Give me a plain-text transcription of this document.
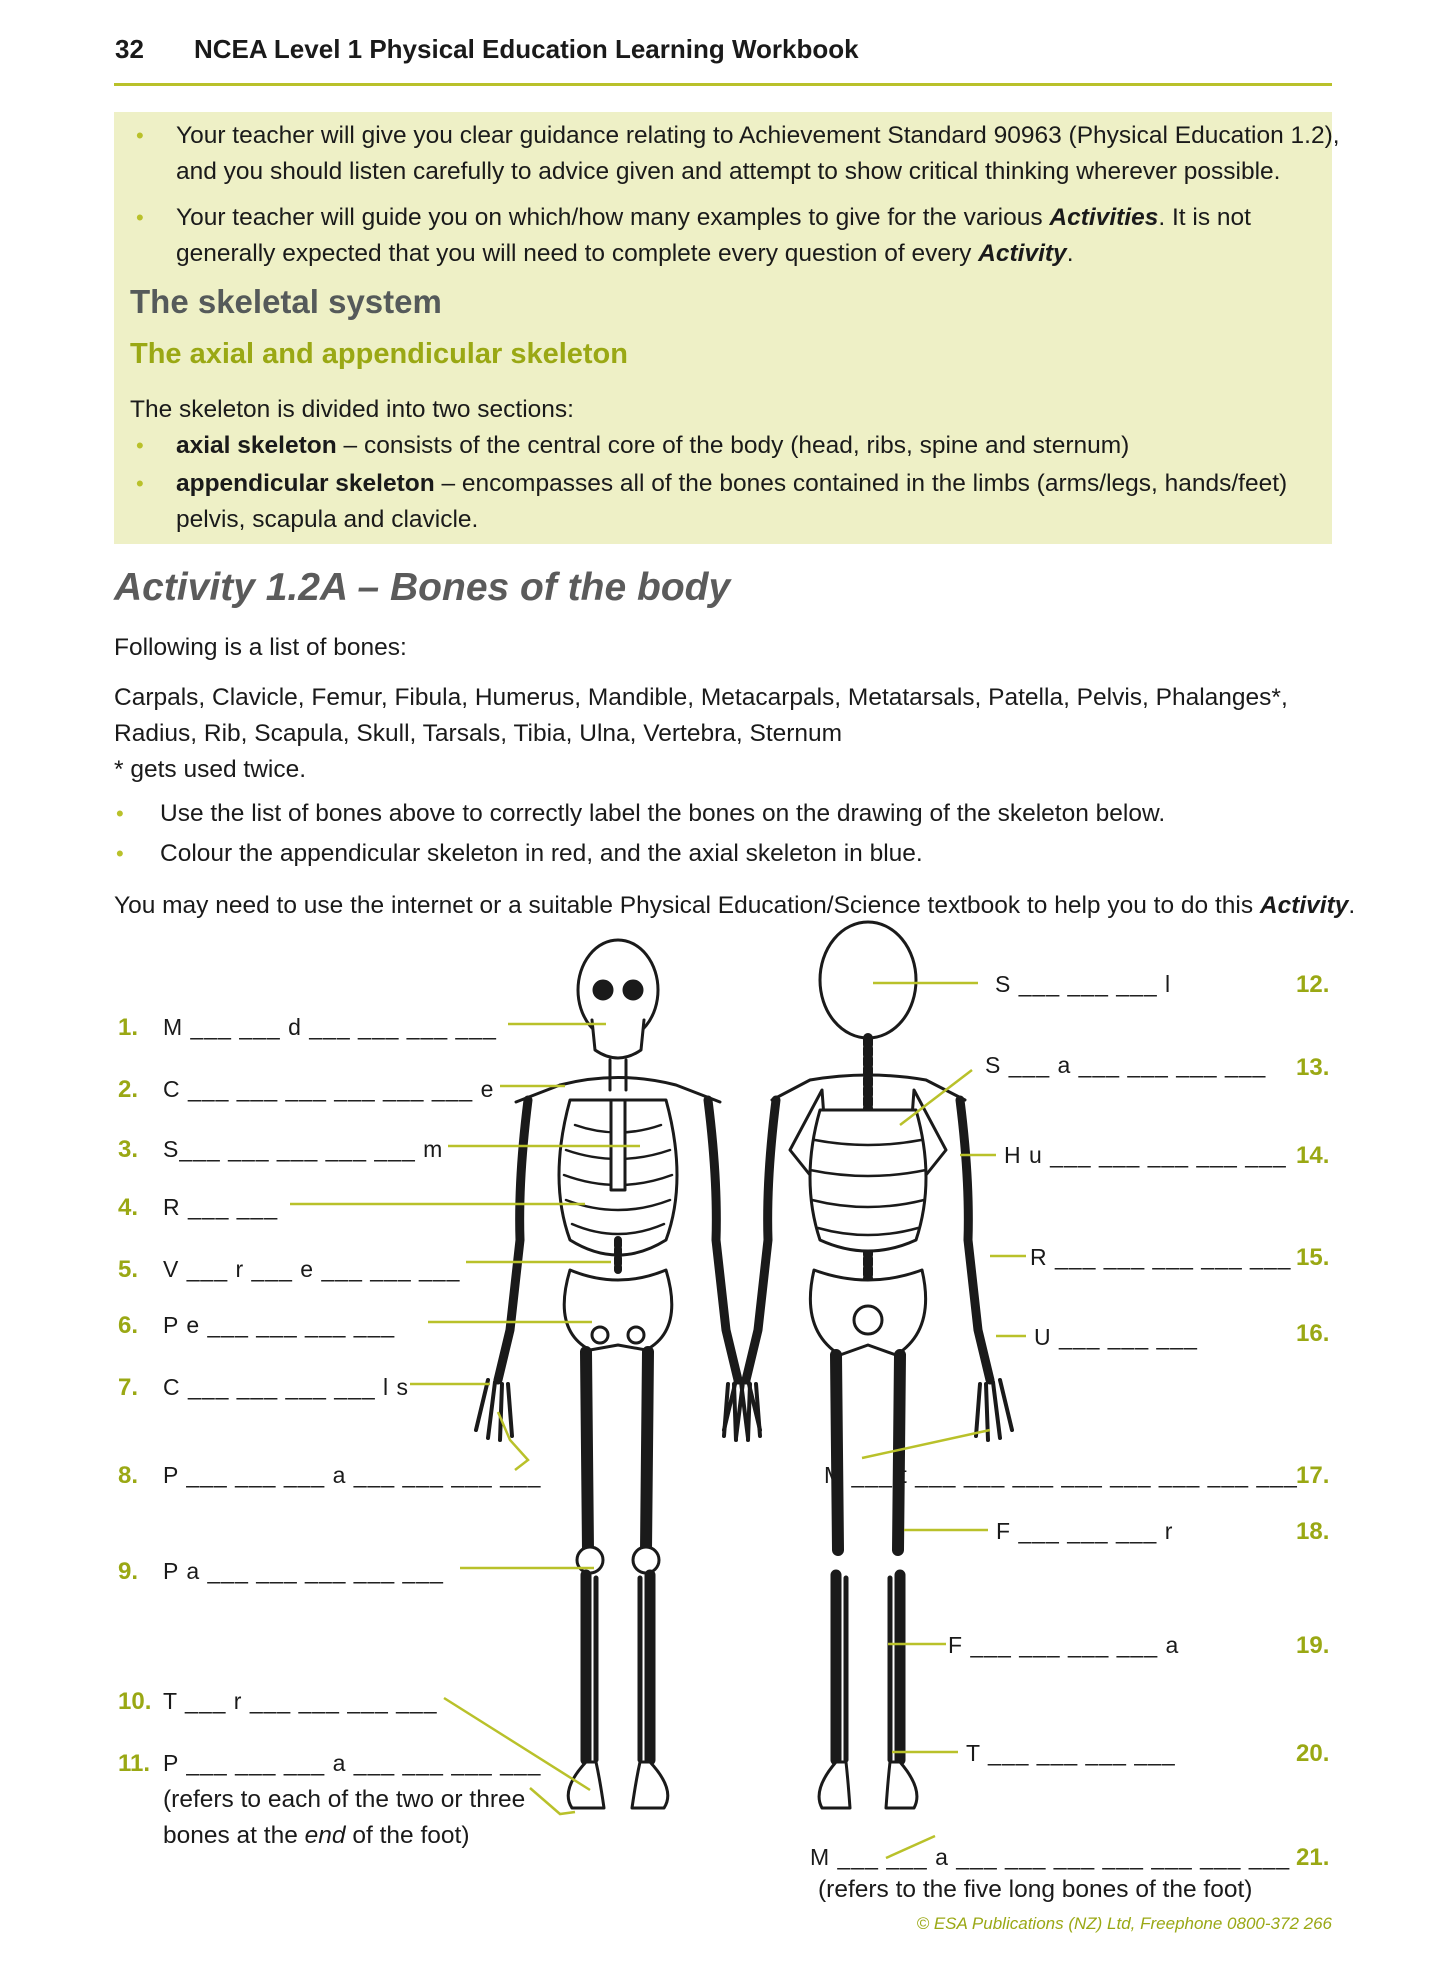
32 NCEA Level 1 Physical Education Learning Workbook
• Your teacher will give you clear guidance relating to Achievement Standard 90963 (Physical Education 1.2),
and you should listen carefully to advice given and attempt to show critical thinking wherever possible.
• Your teacher will guide you on which/how many examples to give for the various Activities. It is not
generally expected that you will need to complete every question of every Activity.
The skeletal system
The axial and appendicular skeleton
The skeleton is divided into two sections:
• axial skeleton – consists of the central core of the body (head, ribs, spine and sternum)
• appendicular skeleton – encompasses all of the bones contained in the limbs (arms/legs, hands/feet)
pelvis, scapula and clavicle.
Activity 1.2A – Bones of the body
Following is a list of bones:
Carpals, Clavicle, Femur, Fibula, Humerus, Mandible, Metacarpals, Metatarsals, Patella, Pelvis, Phalanges*,
Radius, Rib, Scapula, Skull, Tarsals, Tibia, Ulna, Vertebra, Sternum
* gets used twice.
• Use the list of bones above to correctly label the bones on the drawing of the skeleton below.
• Colour the appendicular skeleton in red, and the axial skeleton in blue.
You may need to use the internet or a suitable Physical Education/Science textbook to help you to do this Activity.
1. M ___ ___ d ___ ___ ___ ___
2. C ___ ___ ___ ___ ___ ___ e
3. S___ ___ ___ ___ ___ m
4. R ___ ___
5. V ___ r ___ e ___ ___ ___
6. P e ___ ___ ___ ___
7. C ___ ___ ___ ___ l s
8. P ___ ___ ___ a ___ ___ ___ ___
9. P a ___ ___ ___ ___ ___
10. T ___ r ___ ___ ___ ___
11. P ___ ___ ___ a ___ ___ ___ ___
(refers to each of the two or three
bones at the end of the foot)
S ___ ___ ___ l	12.
S ___ a ___ ___ ___ ___ 13.
H u ___ ___ ___ ___ ___ 14.
R ___ ___ ___ ___ ___ 15.
U ___ ___ ___	16.
M ___ t ___ ___ ___ ___ ___ ___ ___ ___
17.
F ___ ___ ___ r	18.
F ___ ___ ___ ___ a	19.
T ___ ___ ___ ___	20.
M ___ ___ a ___ ___ ___ ___ ___ ___ ___ 21.
(refers to the five long bones of the foot)
© ESA Publications (NZ) Ltd, Freephone 0800-372 266
